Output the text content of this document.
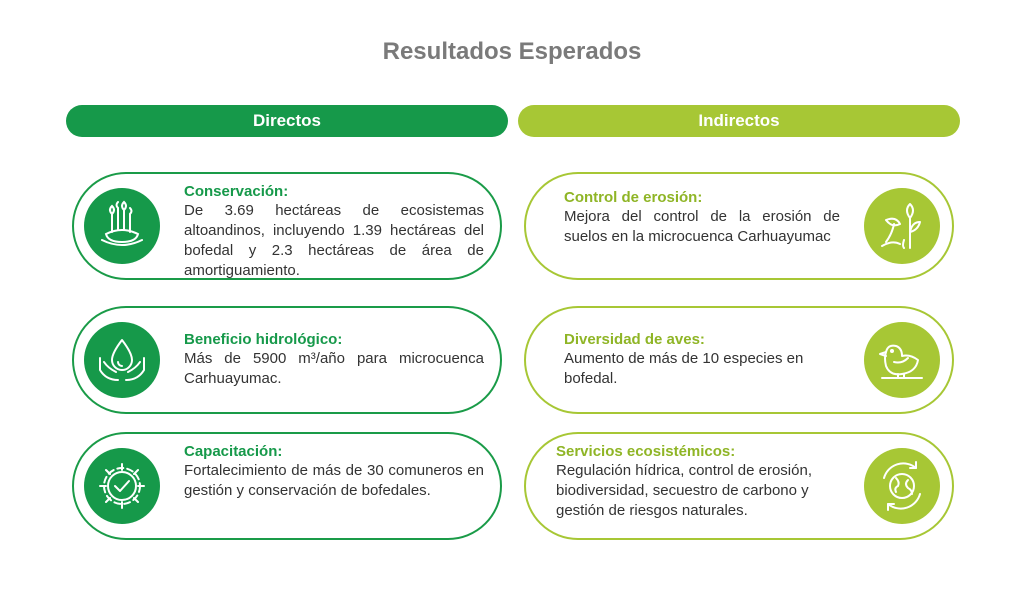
Resultados Esperados
Directos	Indirectos
Conservación:
De 3.69 hectáreas de ecosistemas altoandinos, incluyendo 1.39 hectáreas del bofedal y 2.3 hectáreas de área de amortiguamiento.
Beneficio hidrológico:
Más de 5900 m³/año para microcuenca Carhuayumac.
Capacitación:
Fortalecimiento de más de 30 comuneros en gestión y conservación de bofedales.
Control de erosión:
Mejora del control de la erosión de suelos en la microcuenca Carhuayumac
Diversidad de aves:
Aumento de más de 10 especies en bofedal.
Servicios ecosistémicos:
Regulación hídrica, control de erosión, biodiversidad, secuestro de carbono y gestión de riesgos naturales.
